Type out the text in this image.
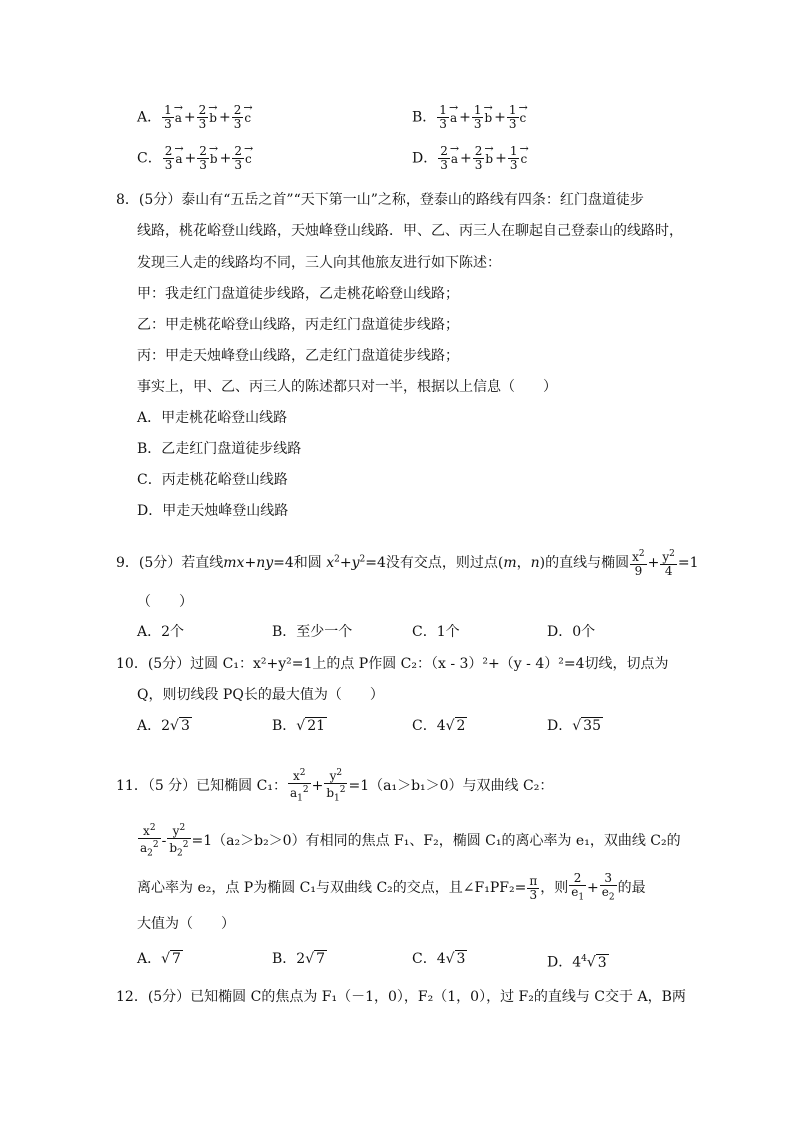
A． $\frac{1}{3}$
→ $a + \frac{2}{3}$
→ $b + \frac{2}{3}$
→ c	B． $\frac{1}{3}$
→ $a + \frac{1}{3}$
→ $b + \frac{1}{3}$
→ c
C． $\frac{2}{3}$
→ $a + \frac{2}{3}$
→ $b + \frac{2}{3}$
→ c	D． $\frac{2}{3}$
→ $a + \frac{2}{3}$
→ $b + \frac{1}{3}$
→ c
8．(5分）泰山有“五岳之首”“天下第一山”之称，登泰山的路线有四条：红门盘道徒步
线路，桃花峪登山线路，天烛峰登山线路．甲、乙、丙三人在聊起自己登泰山的线路时，
发现三人走的线路均不同，三人向其他旅友进行如下陈述：
甲：我走红门盘道徒步线路，乙走桃花峪登山线路；
乙：甲走桃花峪登山线路，丙走红门盘道徒步线路；
丙：甲走天烛峰登山线路，乙走红门盘道徒步线路；
事实上，甲、乙、丙三人的陈述都只对一半，根据以上信息（　　）
A．甲走桃花峪登山线路
B．乙走红门盘道徒步线路
C．丙走桃花峪登山线路
D．甲走天烛峰登山线路
9．(5分）若直线mx+ny=4和圆 $x^2+y^2=4$没有交点，则过点(m，n)的直线与椭圆 $\frac{x^2}{9} + \frac{y^2}{4} =1$
（　　）
A．2个	B．至少一个	C．1个	D．0个
10．(5分）过圆 C₁：x²+y²=1上的点 P作圆 C₂：（x - 3）²+（y - 4）²=4切线，切点为
Q，则切线段 PQ长的最大值为（　　）
A．2√ 3	B．√ 21	C．4√ 2	D．√ 35
11．（5 分）已知椭圆 C₁： $\frac{x^2}{a_1^2} + \frac{y^2}{b_1^2} =1(a_1>b_1>0)$与双曲线 C₂：
$\frac{x^2}{a_2^2} - \frac{y^2}{b_2^2} =1(a_2>b_2>0)$有相同的焦点 F₁、F₂，椭圆 C₁的离心率为 e₁，双曲线 C₂的
离心率为 e₂，点 P为椭圆 C₁与双曲线 C₂的交点，且∠F₁PF₂= $\frac{\pi}{3}$ ，则 $\frac{2}{e_1} + \frac{3}{e_2}$ 的最
大值为（　　）
A．√ 7	B．2√ 7	C．4√ 3	D．$4^4√$ 3
12．(5分）已知椭圆 C的焦点为 F₁（－1，0），F₂（1，0），过 F₂的直线与 C交于 A，B两
